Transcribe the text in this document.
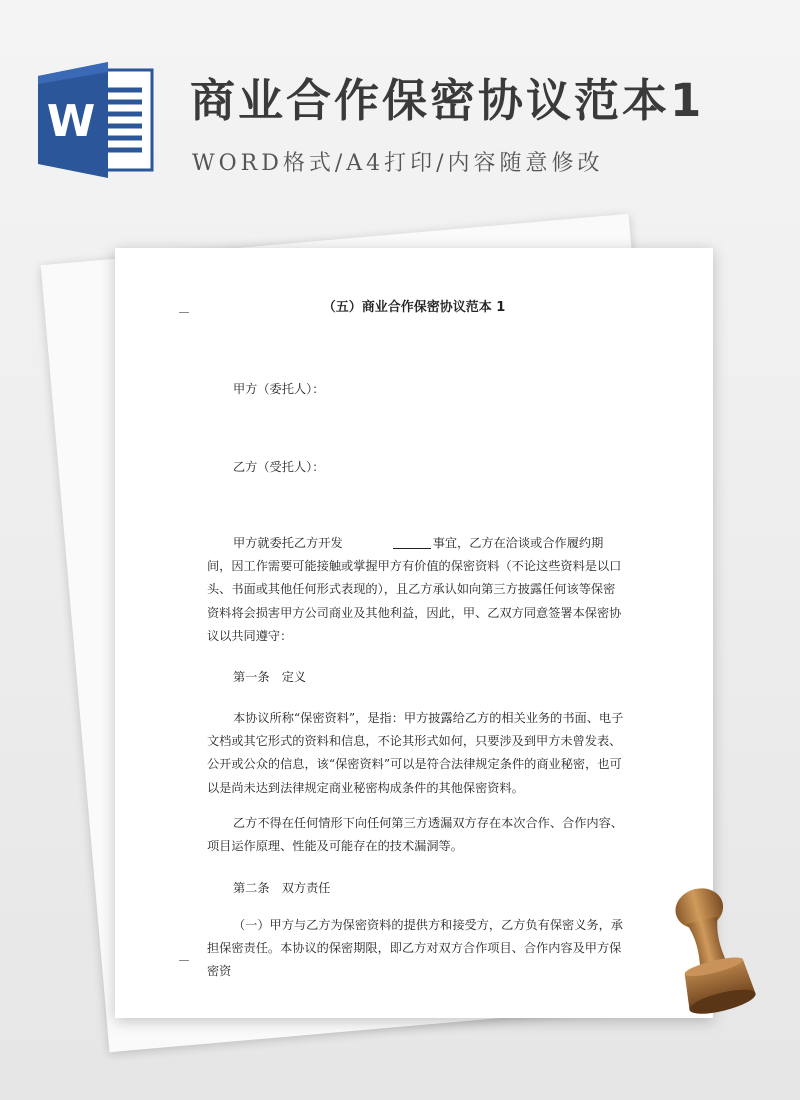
W 商业合作保密协议范本1
WORD格式/A4打印/内容随意修改
（五）商业合作保密协议范本 1
甲方（委托人）：
乙方（受托人）：

甲方就委托乙方开发	事宜，乙方在洽谈或合作履约期间，因工作需要可能接触或掌握甲方有价值的保密资料（不论这些资料是以口头、书面或其他任何形式表现的），且乙方承认如向第三方披露任何该等保密资料将会损害甲方公司商业及其他利益，因此，甲、乙双方同意签署本保密协议以共同遵守：

第一条　定义

本协议所称“保密资料”，是指：甲方披露给乙方的相关业务的书面、电子文档或其它形式的资料和信息，不论其形式如何，只要涉及到甲方未曾发表、公开或公众的信息，该“保密资料”可以是符合法律规定条件的商业秘密，也可以是尚未达到法律规定商业秘密构成条件的其他保密资料。

乙方不得在任何情形下向任何第三方透漏双方存在本次合作、合作内容、项目运作原理、性能及可能存在的技术漏洞等。

第二条　双方责任

（一）甲方与乙方为保密资料的提供方和接受方，乙方负有保密义务，承担保密责任。本协议的保密期限，即乙方对双方合作项目、合作内容及甲方保密资
